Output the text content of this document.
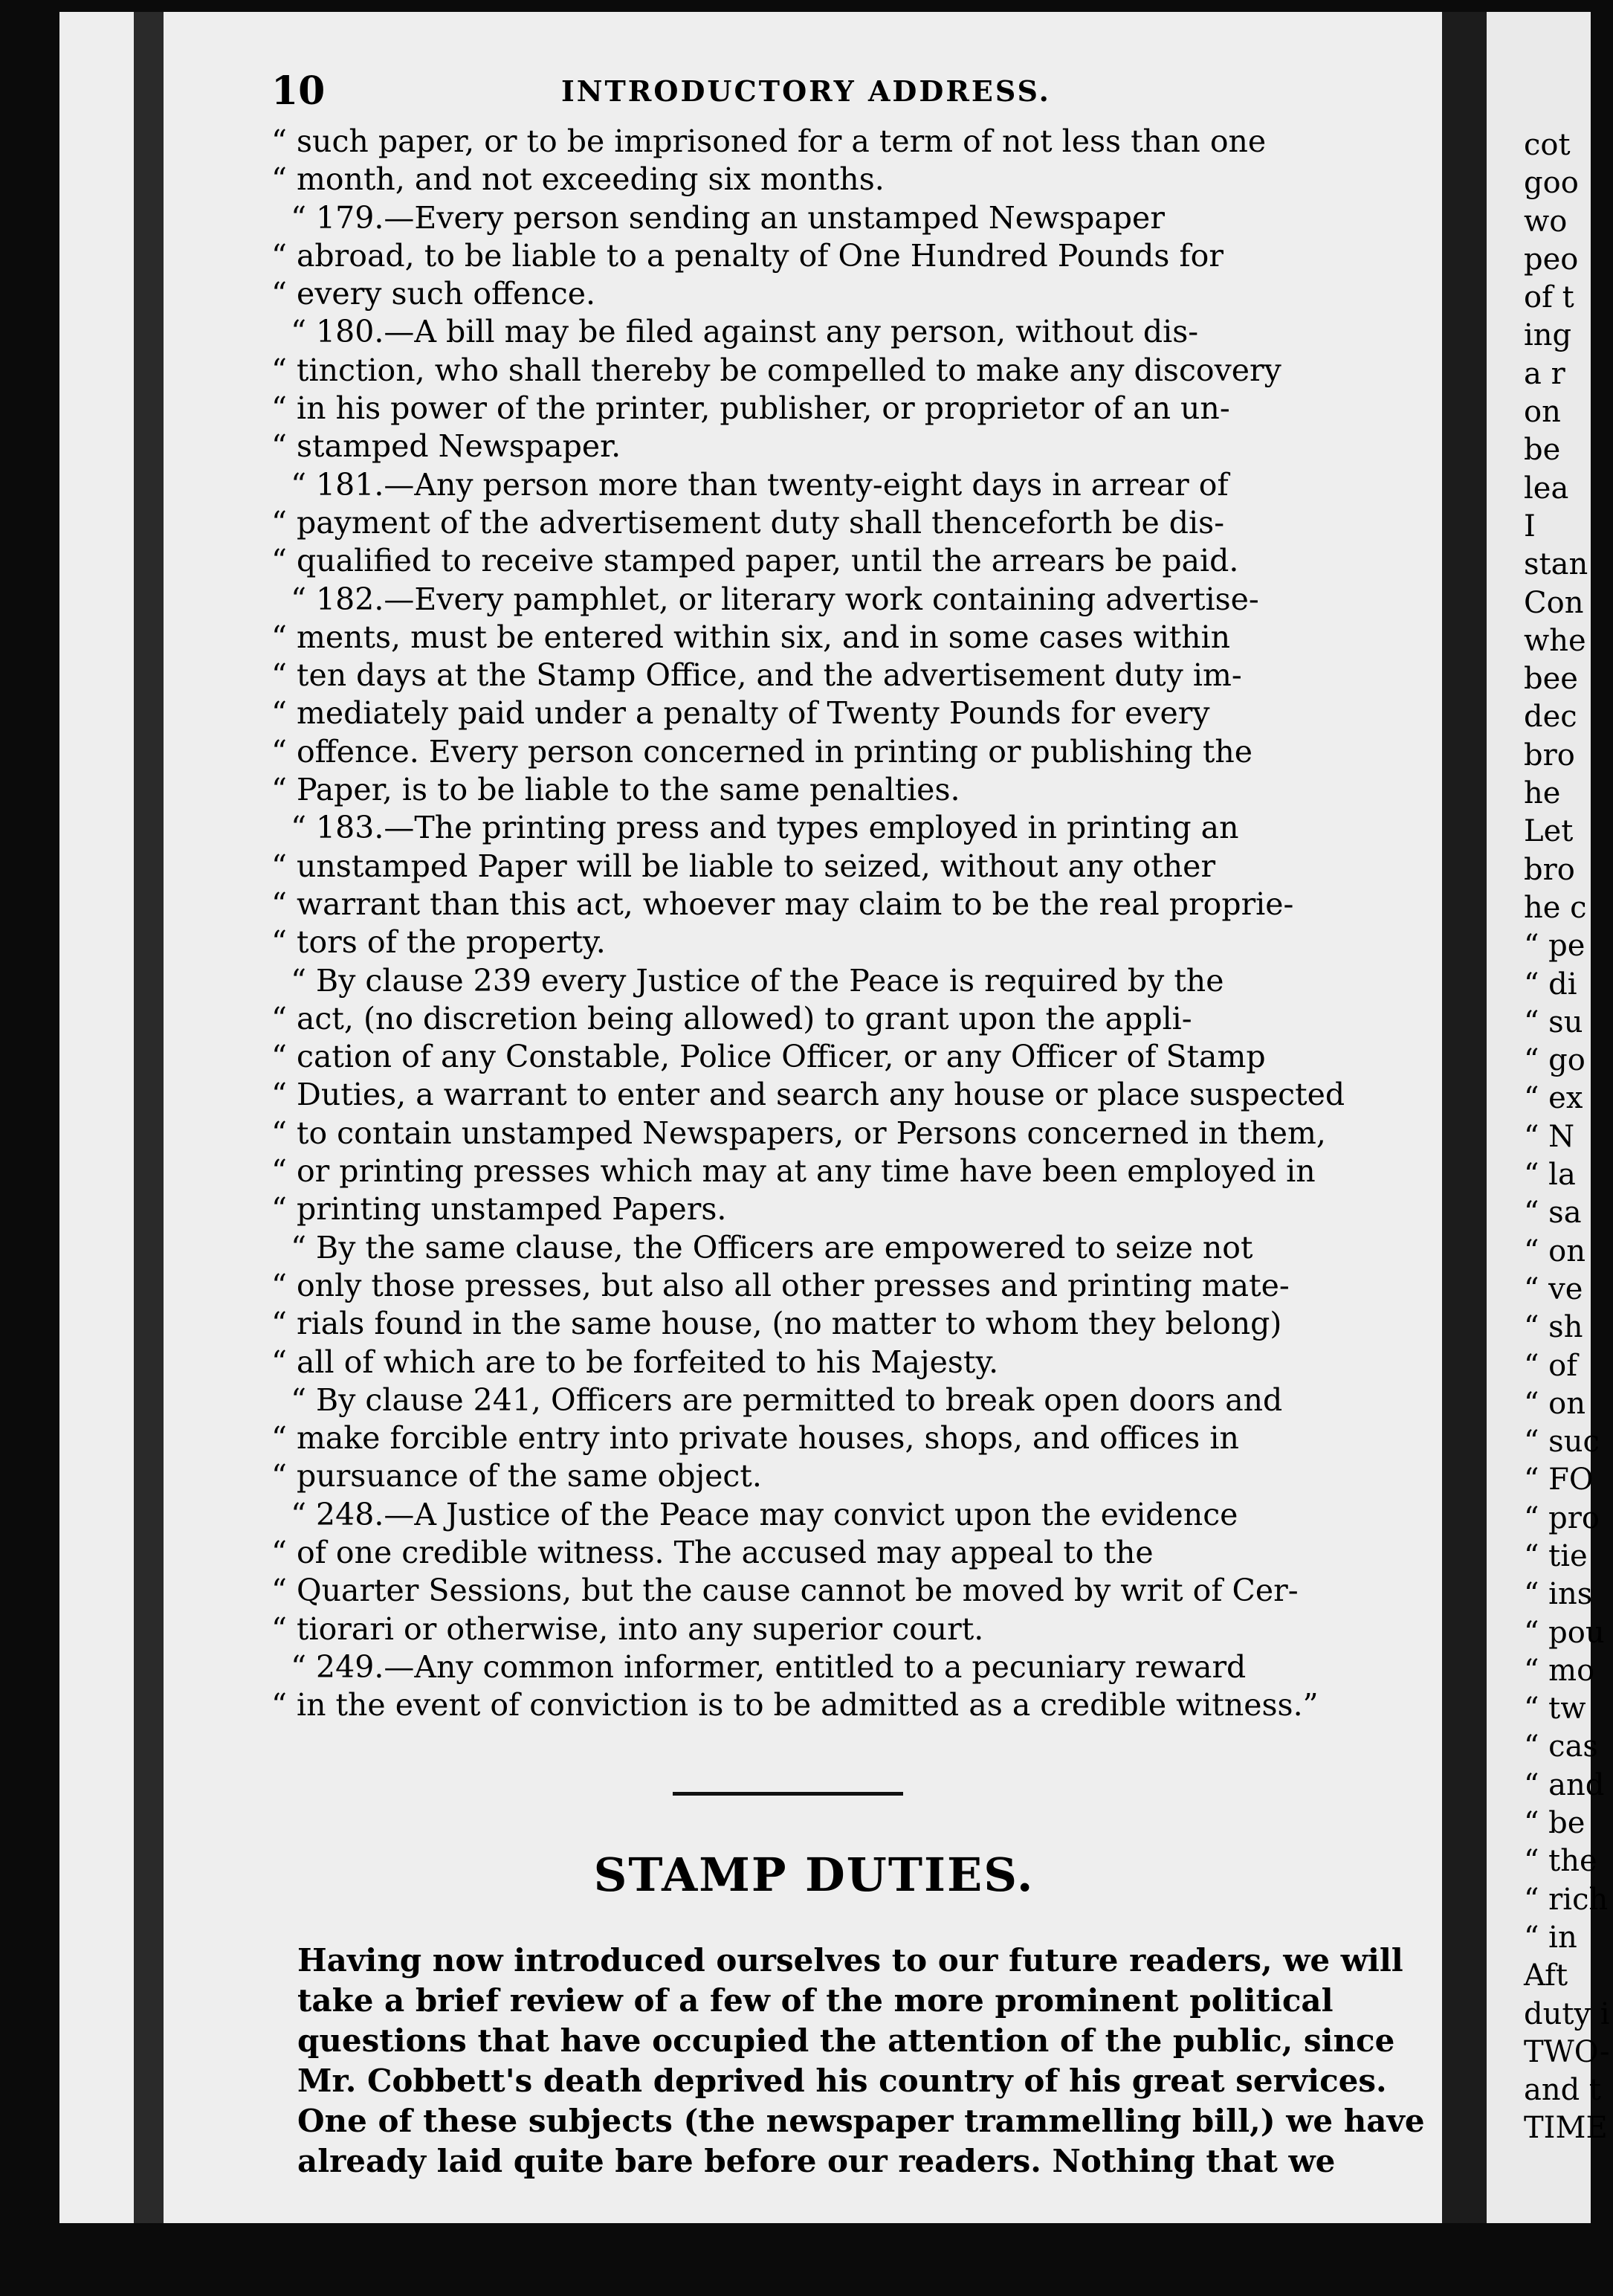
10	INTRODUCTORY ADDRESS.
“ such paper, or to be imprisoned for a term of not less than one
“ month, and not exceeding six months.
“ 179.—Every person sending an unstamped Newspaper
“ abroad, to be liable to a penalty of One Hundred Pounds for
“ every such offence.
“ 180.—A bill may be filed against any person, without dis-
“ tinction, who shall thereby be compelled to make any discovery
“ in his power of the printer, publisher, or proprietor of an un-
“ stamped Newspaper.
“ 181.—Any person more than twenty-eight days in arrear of
“ payment of the advertisement duty shall thenceforth be dis-
“ qualified to receive stamped paper, until the arrears be paid.
“ 182.—Every pamphlet, or literary work containing advertise-
“ ments, must be entered within six, and in some cases within
“ ten days at the Stamp Office, and the advertisement duty im-
“ mediately paid under a penalty of Twenty Pounds for every
“ offence. Every person concerned in printing or publishing the
“ Paper, is to be liable to the same penalties.
“ 183.—The printing press and types employed in printing an
“ unstamped Paper will be liable to seized, without any other
“ warrant than this act, whoever may claim to be the real proprie-
“ tors of the property.
“ By clause 239 every Justice of the Peace is required by the
“ act, (no discretion being allowed) to grant upon the appli-
“ cation of any Constable, Police Officer, or any Officer of Stamp
“ Duties, a warrant to enter and search any house or place suspected
“ to contain unstamped Newspapers, or Persons concerned in them,
“ or printing presses which may at any time have been employed in
“ printing unstamped Papers.
“ By the same clause, the Officers are empowered to seize not
“ only those presses, but also all other presses and printing mate-
“ rials found in the same house, (no matter to whom they belong)
“ all of which are to be forfeited to his Majesty.
“ By clause 241, Officers are permitted to break open doors and
“ make forcible entry into private houses, shops, and offices in
“ pursuance of the same object.
“ 248.—A Justice of the Peace may convict upon the evidence
“ of one credible witness. The accused may appeal to the
“ Quarter Sessions, but the cause cannot be moved by writ of Cer-
“ tiorari or otherwise, into any superior court.
“ 249.—Any common informer, entitled to a pecuniary reward
“ in the event of conviction is to be admitted as a credible witness.”
STAMP DUTIES.
Having now introduced ourselves to our future readers, we will
take a brief review of a few of the more prominent political
questions that have occupied the attention of the public, since
Mr. Cobbett's death deprived his country of his great services.
One of these subjects (the newspaper trammelling bill,) we have
already laid quite bare before our readers. Nothing that we
cot
goo
wo
peo
of t
ing
a r
on
be
lea
I
stan
Con
whe
bee
dec
bro
he
Let
bro
he c
“ pe
“ di
“ su
“ go
“ ex
“ N
“ la
“ sa
“ on
“ ve
“ sh
“ of
“ on
“ suc
“ FO
“ pro
“ tie
“ ins
“ pou
“ mo
“ tw
“ cas
“ and
“ be
“ the
“ rich
“ in
Aft
duty i
TWO-
and t
TIME
